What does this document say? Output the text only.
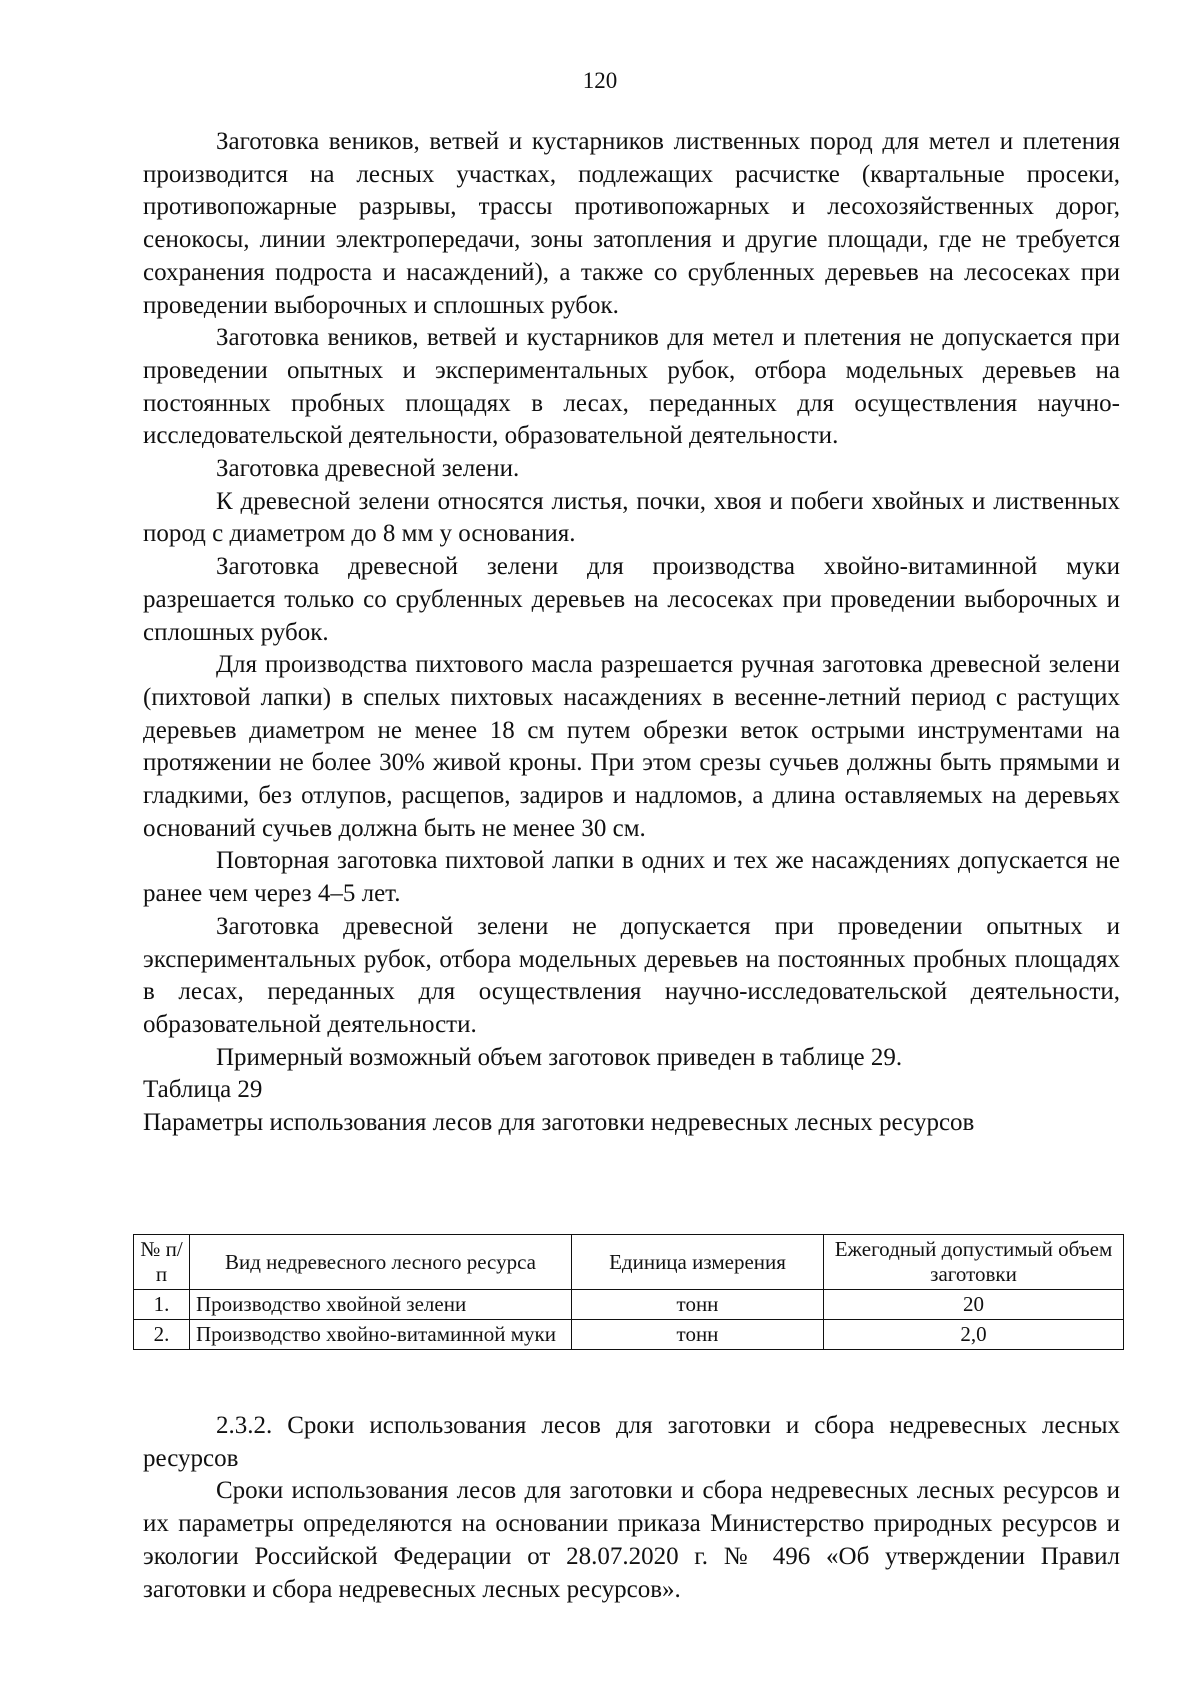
120

Заготовка веников, ветвей и кустарников лиственных пород для метел и плетения производится на лесных участках, подлежащих расчистке (квартальные просеки, противопожарные разрывы, трассы противопожарных и лесохозяйственных дорог, сенокосы, линии электропередачи, зоны затопления и другие площади, где не требуется сохранения подроста и насаждений), а также со срубленных деревьев на лесосеках при проведении выборочных и сплошных рубок.

Заготовка веников, ветвей и кустарников для метел и плетения не допускается при проведении опытных и экспериментальных рубок, отбора модельных деревьев на постоянных пробных площадях в лесах, переданных для осуществления научно-исследовательской деятельности, образовательной деятельности.

Заготовка древесной зелени.

К древесной зелени относятся листья, почки, хвоя и побеги хвойных и лиственных пород с диаметром до 8 мм у основания.

Заготовка древесной зелени для производства хвойно-витаминной муки разрешается только со срубленных деревьев на лесосеках при проведении выборочных и сплошных рубок.

Для производства пихтового масла разрешается ручная заготовка древесной зелени (пихтовой лапки) в спелых пихтовых насаждениях в весенне-летний период с растущих деревьев диаметром не менее 18 см путем обрезки веток острыми инструментами на протяжении не более 30% живой кроны. При этом срезы сучьев должны быть прямыми и гладкими, без отлупов, расщепов, задиров и надломов, а длина оставляемых на деревьях оснований сучьев должна быть не менее 30 см.

Повторная заготовка пихтовой лапки в одних и тех же насаждениях допускается не ранее чем через 4–5 лет.

Заготовка древесной зелени не допускается при проведении опытных и экспериментальных рубок, отбора модельных деревьев на постоянных пробных площадях в лесах, переданных для осуществления научно-исследовательской деятельности, образовательной деятельности.

Примерный возможный объем заготовок приведен в таблице 29.

Таблица 29

Параметры использования лесов для заготовки недревесных лесных ресурсов

№ п/п	Вид недревесного лесного ресурса	Единица измерения	Ежегодный допустимый объем заготовки
1.	Производство хвойной зелени	тонн	20
2.	Производство хвойно-витаминной муки	тонн	2,0

2.3.2. Сроки использования лесов для заготовки и сбора недревесных лесных ресурсов

Сроки использования лесов для заготовки и сбора недревесных лесных ресурсов и их параметры определяются на основании приказа Министерство природных ресурсов и экологии Российской Федерации от 28.07.2020 г. № 496 «Об утверждении Правил заготовки и сбора недревесных лесных ресурсов».
